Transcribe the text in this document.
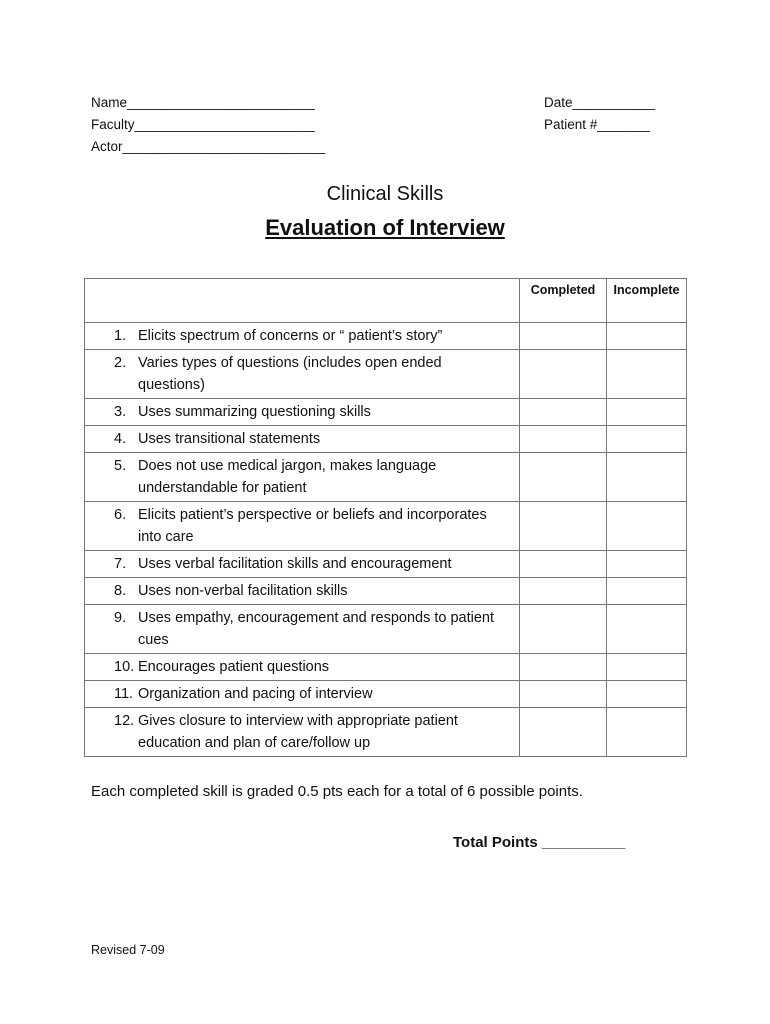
Name_________________________
Faculty________________________
Actor___________________________
Date___________
Patient #_______
Clinical Skills
Evaluation of Interview
	Completed	Incomplete

1. Elicits spectrum of concerns or “ patient’s story”		

2. Varies types of questions (includes open ended questions)		

3. Uses summarizing questioning skills		

4. Uses transitional statements		

5. Does not use medical jargon, makes language understandable for patient		

6. Elicits patient’s perspective or beliefs and incorporates into care		

7. Uses verbal facilitation skills and encouragement		

8. Uses non-verbal facilitation skills		

9. Uses empathy, encouragement and responds to patient cues		

10. Encourages patient questions		

11. Organization and pacing of interview		

12. Gives closure to interview with appropriate patient education and plan of care/follow up		

Each completed skill is graded 0.5 pts each for a total of 6 possible points.
Total Points __________
Revised 7-09
